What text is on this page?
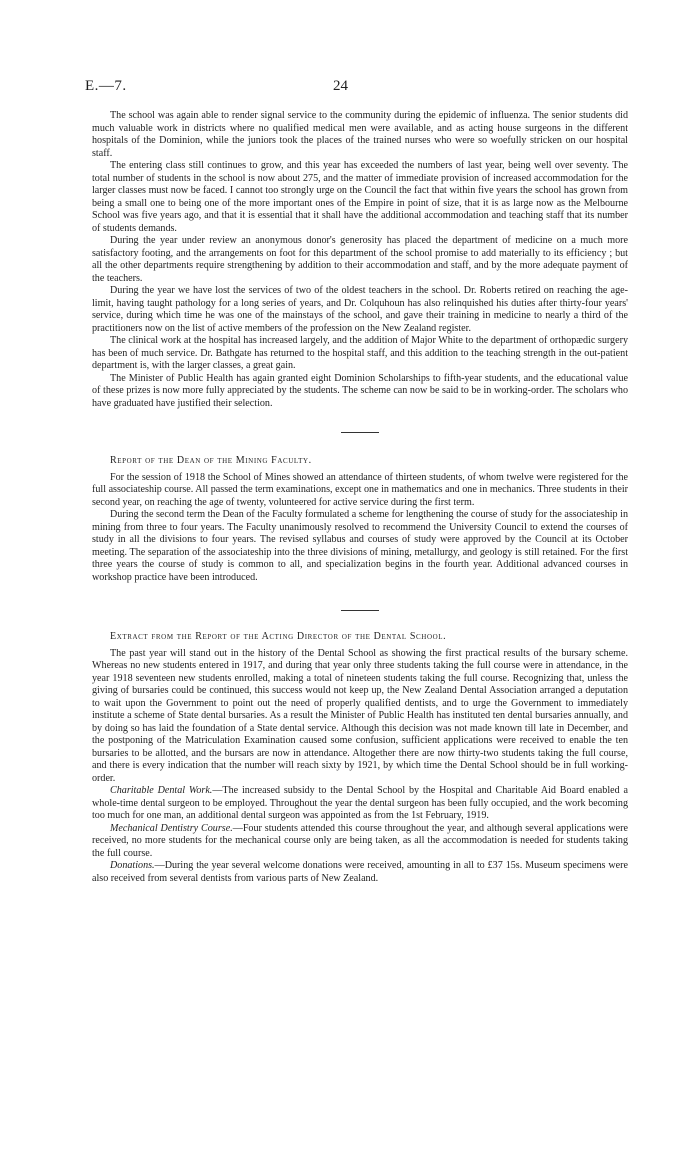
E.—7.	24

The school was again able to render signal service to the community during the epidemic of influenza. The senior students did much valuable work in districts where no qualified medical men were available, and as acting house surgeons in the different hospitals of the Dominion, while the juniors took the places of the trained nurses who were so woefully stricken on our hospital staff.

The entering class still continues to grow, and this year has exceeded the numbers of last year, being well over seventy. The total number of students in the school is now about 275, and the matter of immediate provision of increased accommodation for the larger classes must now be faced. I cannot too strongly urge on the Council the fact that within five years the school has grown from being a small one to being one of the more important ones of the Empire in point of size, that it is as large now as the Melbourne School was five years ago, and that it is essential that it shall have the additional accommodation and teaching staff that its number of students demands.

During the year under review an anonymous donor's generosity has placed the department of medicine on a much more satisfactory footing, and the arrangements on foot for this department of the school promise to add materially to its efficiency ; but all the other departments require strengthening by addition to their accommodation and staff, and by the more adequate payment of the teachers.

During the year we have lost the services of two of the oldest teachers in the school. Dr. Roberts retired on reaching the age-limit, having taught pathology for a long series of years, and Dr. Colquhoun has also relinquished his duties after thirty-four years' service, during which time he was one of the mainstays of the school, and gave their training in medicine to nearly a third of the practitioners now on the list of active members of the profession on the New Zealand register.

The clinical work at the hospital has increased largely, and the addition of Major White to the department of orthopædic surgery has been of much service. Dr. Bathgate has returned to the hospital staff, and this addition to the teaching strength in the out-patient department is, with the larger classes, a great gain.

The Minister of Public Health has again granted eight Dominion Scholarships to fifth-year students, and the educational value of these prizes is now more fully appreciated by the students. The scheme can now be said to be in working-order. The scholars who have graduated have justified their selection.

Report of the Dean of the Mining Faculty.

For the session of 1918 the School of Mines showed an attendance of thirteen students, of whom twelve were registered for the full associateship course. All passed the term examinations, except one in mathematics and one in mechanics. Three students in their second year, on reaching the age of twenty, volunteered for active service during the first term.

During the second term the Dean of the Faculty formulated a scheme for lengthening the course of study for the associateship in mining from three to four years. The Faculty unanimously resolved to recommend the University Council to extend the courses of study in all the divisions to four years. The revised syllabus and courses of study were approved by the Council at its October meeting. The separation of the associateship into the three divisions of mining, metallurgy, and geology is still retained. For the first three years the course of study is common to all, and specialization begins in the fourth year. Additional advanced courses in workshop practice have been introduced.

Extract from the Report of the Acting Director of the Dental School.

The past year will stand out in the history of the Dental School as showing the first practical results of the bursary scheme. Whereas no new students entered in 1917, and during that year only three students taking the full course were in attendance, in the year 1918 seventeen new students enrolled, making a total of nineteen students taking the full course. Recognizing that, unless the giving of bursaries could be continued, this success would not keep up, the New Zealand Dental Association arranged a deputation to wait upon the Government to point out the need of properly qualified dentists, and to urge the Government to immediately institute a scheme of State dental bursaries. As a result the Minister of Public Health has instituted ten dental bursaries annually, and by doing so has laid the foundation of a State dental service. Although this decision was not made known till late in December, and the postponing of the Matriculation Examination caused some confusion, sufficient applications were received to enable the ten bursaries to be allotted, and the bursars are now in attendance. Altogether there are now thirty-two students taking the full course, and there is every indication that the number will reach sixty by 1921, by which time the Dental School should be in full working-order.

Charitable Dental Work.—The increased subsidy to the Dental School by the Hospital and Charitable Aid Board enabled a whole-time dental surgeon to be employed. Throughout the year the dental surgeon has been fully occupied, and the work becoming too much for one man, an additional dental surgeon was appointed as from the 1st February, 1919.

Mechanical Dentistry Course.—Four students attended this course throughout the year, and although several applications were received, no more students for the mechanical course only are being taken, as all the accommodation is needed for students taking the full course.

Donations.—During the year several welcome donations were received, amounting in all to £37 15s. Museum specimens were also received from several dentists from various parts of New Zealand.
